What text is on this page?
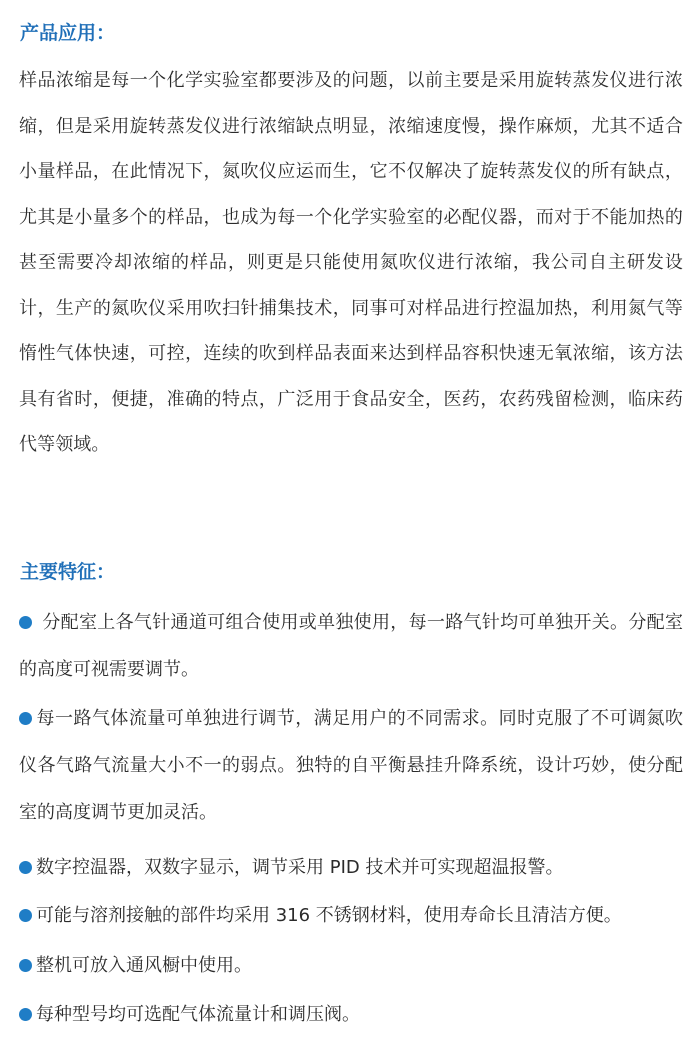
产品应用：

样品浓缩是每一个化学实验室都要涉及的问题，以前主要是采用旋转蒸发仪进行浓缩，但是采用旋转蒸发仪进行浓缩缺点明显，浓缩速度慢，操作麻烦，尤其不适合小量样品，在此情况下，氮吹仪应运而生，它不仅解决了旋转蒸发仪的所有缺点，尤其是小量多个的样品，也成为每一个化学实验室的必配仪器，而对于不能加热的甚至需要冷却浓缩的样品，则更是只能使用氮吹仪进行浓缩，我公司自主研发设计，生产的氮吹仪采用吹扫针捕集技术，同事可对样品进行控温加热，利用氮气等惰性气体快速，可控，连续的吹到样品表面来达到样品容积快速无氧浓缩，该方法具有省时，便捷，准确的特点，广泛用于食品安全，医药，农药残留检测，临床药代等领域。

主要特征：

分配室上各气针通道可组合使用或单独使用，每一路气针均可单独开关。分配室的高度可视需要调节。

每一路气体流量可单独进行调节，满足用户的不同需求。同时克服了不可调氮吹仪各气路气流量大小不一的弱点。独特的自平衡悬挂升降系统，设计巧妙，使分配室的高度调节更加灵活。

数字控温器，双数字显示，调节采用 PID 技术并可实现超温报警。

可能与溶剂接触的部件均采用 316 不锈钢材料，使用寿命长且清洁方便。

整机可放入通风橱中使用。

每种型号均可选配气体流量计和调压阀。
